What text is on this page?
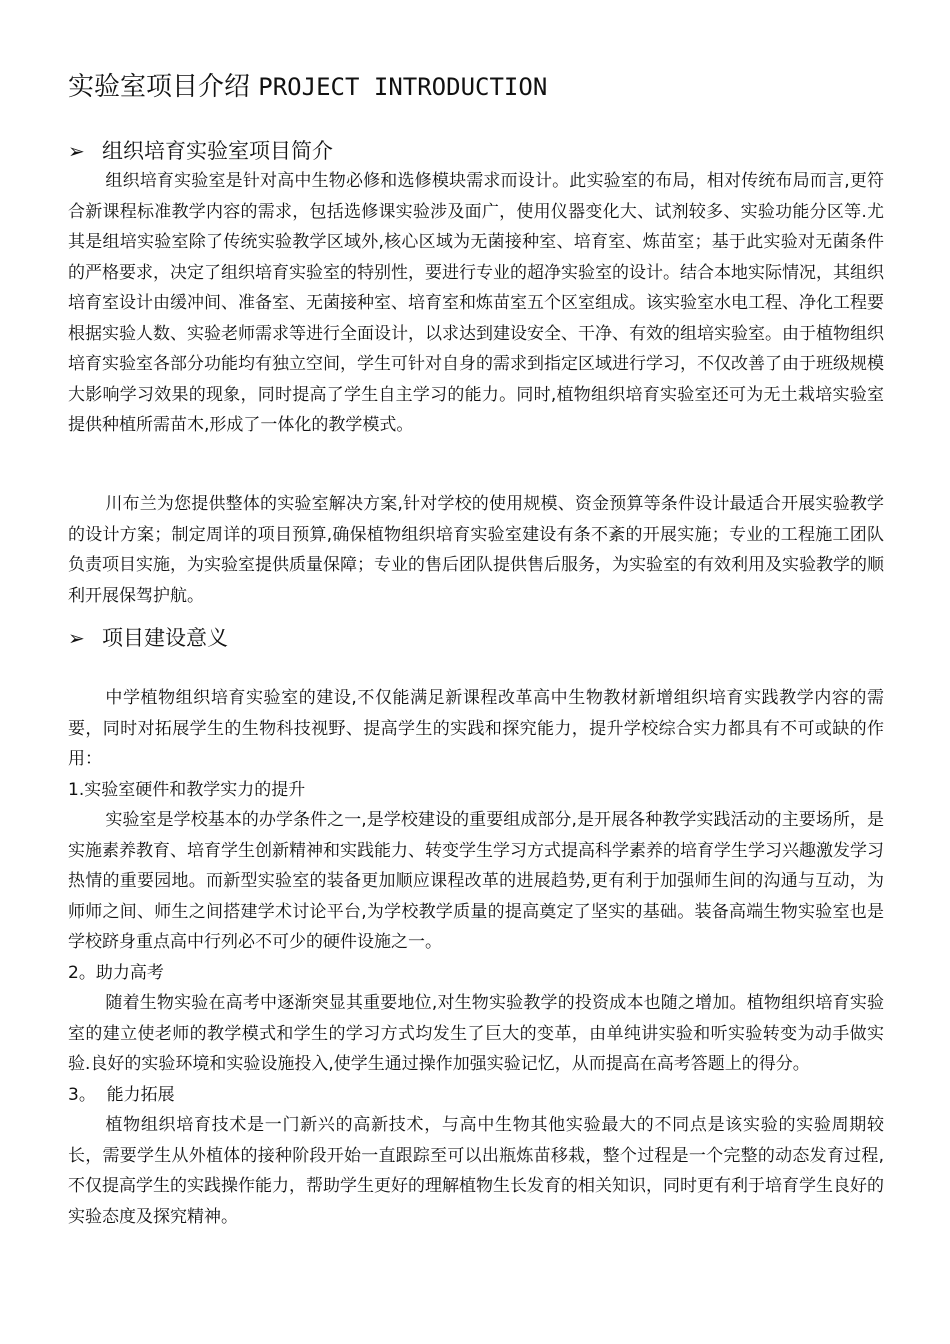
实验室项目介绍 PROJECT INTRODUCTION
➢ 组织培育实验室项目简介

组织培育实验室是针对高中生物必修和选修模块需求而设计。此实验室的布局，相对传统布局而言,更符合新课程标准教学内容的需求，包括选修课实验涉及面广，使用仪器变化大、试剂较多、实验功能分区等.尤其是组培实验室除了传统实验教学区域外,核心区域为无菌接种室、培育室、炼苗室；基于此实验对无菌条件的严格要求，决定了组织培育实验室的特别性，要进行专业的超净实验室的设计。结合本地实际情况，其组织培育室设计由缓冲间、准备室、无菌接种室、培育室和炼苗室五个区室组成。该实验室水电工程、净化工程要根据实验人数、实验老师需求等进行全面设计，以求达到建设安全、干净、有效的组培实验室。由于植物组织培育实验室各部分功能均有独立空间，学生可针对自身的需求到指定区域进行学习，不仅改善了由于班级规模大影响学习效果的现象，同时提高了学生自主学习的能力。同时,植物组织培育实验室还可为无土栽培实验室提供种植所需苗木,形成了一体化的教学模式。

川布兰为您提供整体的实验室解决方案,针对学校的使用规模、资金预算等条件设计最适合开展实验教学的设计方案；制定周详的项目预算,确保植物组织培育实验室建设有条不紊的开展实施；专业的工程施工团队负责项目实施，为实验室提供质量保障；专业的售后团队提供售后服务，为实验室的有效利用及实验教学的顺利开展保驾护航。

➢ 项目建设意义

中学植物组织培育实验室的建设,不仅能满足新课程改革高中生物教材新增组织培育实践教学内容的需要，同时对拓展学生的生物科技视野、提高学生的实践和探究能力，提升学校综合实力都具有不可或缺的作用：

1.实验室硬件和教学实力的提升

实验室是学校基本的办学条件之一,是学校建设的重要组成部分,是开展各种教学实践活动的主要场所，是实施素养教育、培育学生创新精神和实践能力、转变学生学习方式提高科学素养的培育学生学习兴趣激发学习热情的重要园地。而新型实验室的装备更加顺应课程改革的进展趋势,更有利于加强师生间的沟通与互动，为师师之间、师生之间搭建学术讨论平台,为学校教学质量的提高奠定了坚实的基础。装备高端生物实验室也是学校跻身重点高中行列必不可少的硬件设施之一。

2。助力高考

随着生物实验在高考中逐渐突显其重要地位,对生物实验教学的投资成本也随之增加。植物组织培育实验室的建立使老师的教学模式和学生的学习方式均发生了巨大的变革，由单纯讲实验和听实验转变为动手做实验.良好的实验环境和实验设施投入,使学生通过操作加强实验记忆，从而提高在高考答题上的得分。

3。  能力拓展

植物组织培育技术是一门新兴的高新技术，与高中生物其他实验最大的不同点是该实验的实验周期较长，需要学生从外植体的接种阶段开始一直跟踪至可以出瓶炼苗移栽，整个过程是一个完整的动态发育过程,不仅提高学生的实践操作能力，帮助学生更好的理解植物生长发育的相关知识，同时更有利于培育学生良好的实验态度及探究精神。
